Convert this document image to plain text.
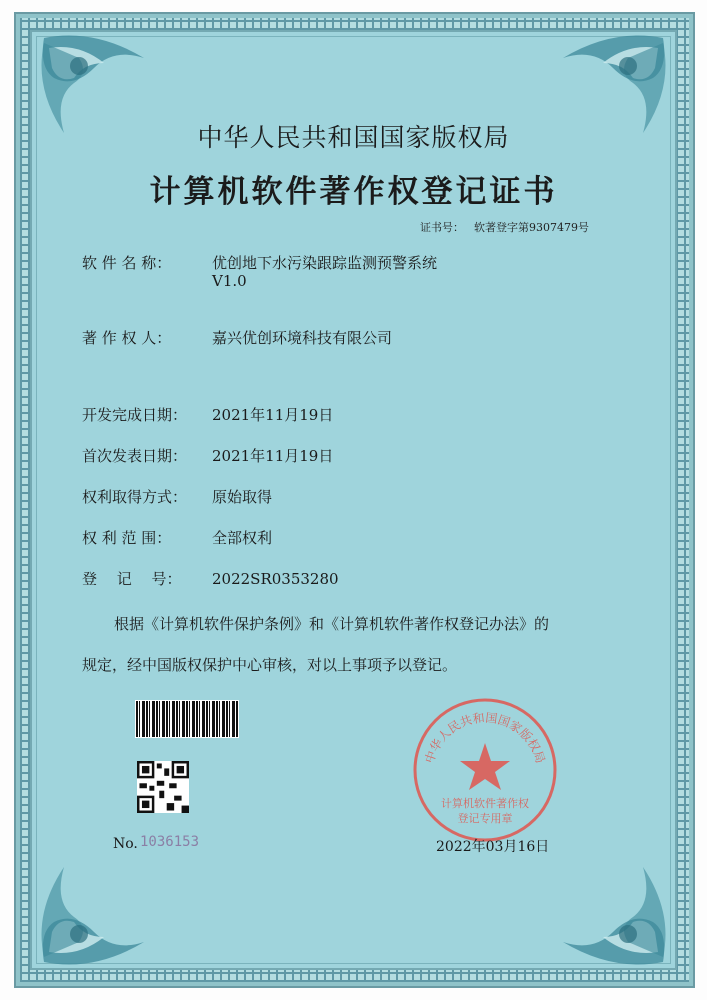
中华人民共和国国家版权局
计算机软件著作权登记证书
证书号： 软著登字第9307479号
软 件 名 称：	优创地下水污染跟踪监测预警系统
V1.0
著 作 权 人：	嘉兴优创环境科技有限公司
开发完成日期： 2021年11月19日
首次发表日期： 2021年11月19日
权利取得方式： 原始取得
权 利 范 围：	全部权利
登　 记 　号： 2022SR0353280
根据《计算机软件保护条例》和《计算机软件著作权登记办法》的
规定，经中国版权保护中心审核，对以上事项予以登记。
No. 1036153
中华人民共和国国家版权局
计算机软件著作权
登记专用章
2022年03月16日
